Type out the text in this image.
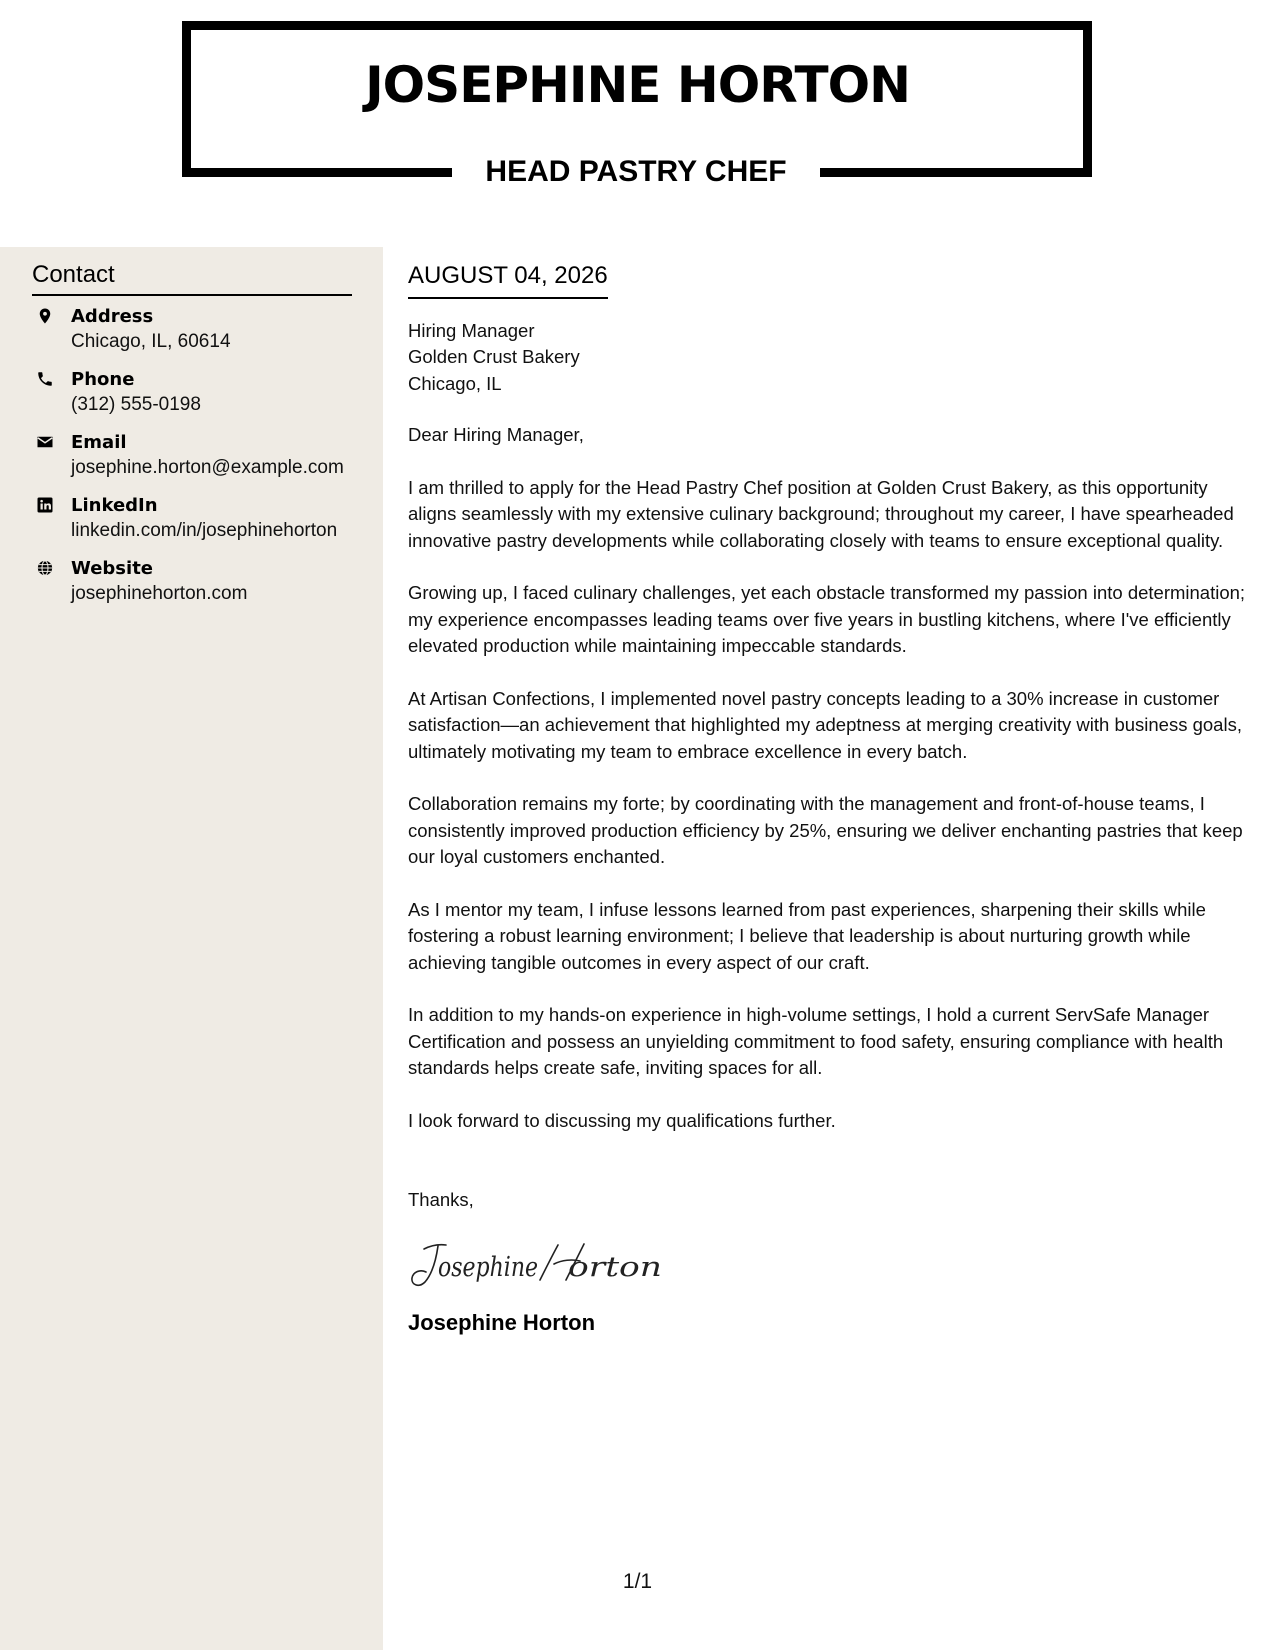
JOSEPHINE HORTON
HEAD PASTRY CHEF
Contact
Address
Chicago, IL, 60614
Phone
(312) 555-0198
Email
josephine.horton@example.com
LinkedIn
linkedin.com/in/josephinehorton
Website
josephinehorton.com
AUGUST 04, 2026
Hiring Manager
Golden Crust Bakery
Chicago, IL
Dear Hiring Manager,
I am thrilled to apply for the Head Pastry Chef position at Golden Crust Bakery, as this opportunity aligns seamlessly with my extensive culinary background; throughout my career, I have spearheaded innovative pastry developments while collaborating closely with teams to ensure exceptional quality.
Growing up, I faced culinary challenges, yet each obstacle transformed my passion into determination; my experience encompasses leading teams over five years in bustling kitchens, where I've efficiently elevated production while maintaining impeccable standards.
At Artisan Confections, I implemented novel pastry concepts leading to a 30% increase in customer satisfaction—an achievement that highlighted my adeptness at merging creativity with business goals, ultimately motivating my team to embrace excellence in every batch.
Collaboration remains my forte; by coordinating with the management and front-of-house teams, I consistently improved production efficiency by 25%, ensuring we deliver enchanting pastries that keep our loyal customers enchanted.
As I mentor my team, I infuse lessons learned from past experiences, sharpening their skills while fostering a robust learning environment; I believe that leadership is about nurturing growth while achieving tangible outcomes in every aspect of our craft.
In addition to my hands-on experience in high-volume settings, I hold a current ServSafe Manager Certification and possess an unyielding commitment to food safety, ensuring compliance with health standards helps create safe, inviting spaces for all.
I look forward to discussing my qualifications further.
Thanks,
osephine orton
Josephine Horton
1/1
